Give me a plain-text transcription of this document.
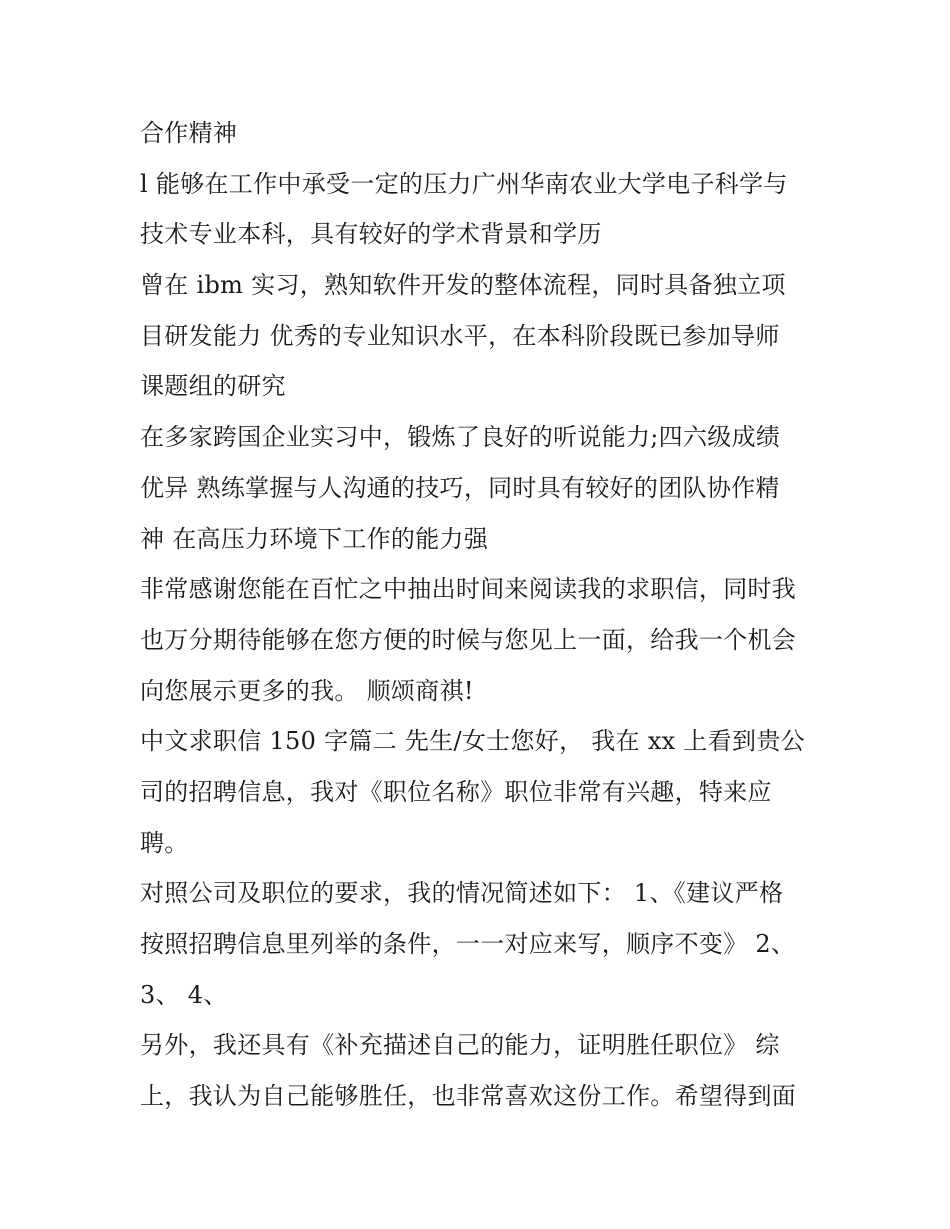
合作精神
l 能够在工作中承受一定的压力广州华南农业大学电子科学与
技术专业本科，具有较好的学术背景和学历
曾在 ibm 实习，熟知软件开发的整体流程，同时具备独立项
目研发能力 优秀的专业知识水平，在本科阶段既已参加导师
课题组的研究
在多家跨国企业实习中，锻炼了良好的听说能力;四六级成绩
优异 熟练掌握与人沟通的技巧，同时具有较好的团队协作精
神 在高压力环境下工作的能力强
非常感谢您能在百忙之中抽出时间来阅读我的求职信，同时我
也万分期待能够在您方便的时候与您见上一面，给我一个机会
向您展示更多的我。 顺颂商祺!
中文求职信 150 字篇二 先生/女士您好， 我在 xx 上看到贵公
司的招聘信息，我对《职位名称》职位非常有兴趣，特来应
聘。
对照公司及职位的要求，我的情况简述如下： 1、《建议严格
按照招聘信息里列举的条件，一一对应来写，顺序不变》 2、
3、 4、
另外，我还具有《补充描述自己的能力，证明胜任职位》 综
上，我认为自己能够胜任，也非常喜欢这份工作。希望得到面
